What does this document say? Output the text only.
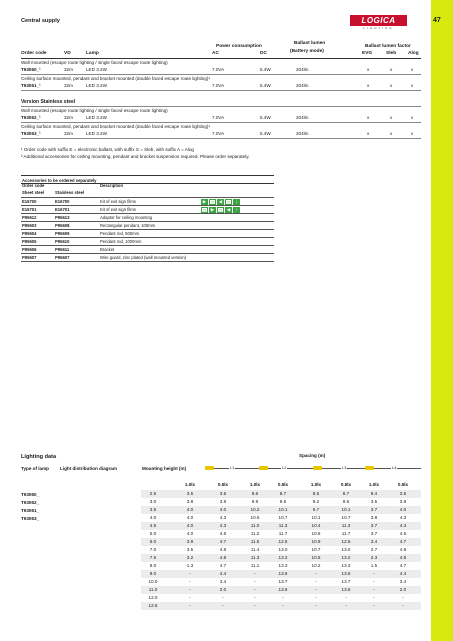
47
Central supply	LOGICA
LIGHTING
Power consumption
Ballast lumen
Ballast lumen factor
Order code	VD	Lamp	AC	DC	(Battery mode)	EVG	Sleb Alog
Wall mounted (escape route lighting / single faced escape route lighting)
T93060_¹	32m	LED 3.2W	7.0VA	5.4W	204lm	x	x	x
Ceiling surface mounted, pendant and bracket mounted (double faced escape route lighting)¹
T93061_¹	32m	LED 3.2W	7.0VA	5.4W	204lm	x	x	x
Version Stainless steel
Wall mounted (escape route lighting / single faced escape route lighting)
T93062_¹	32m	LED 3.2W	7.0VA	5.4W	204lm	x	x	x
Ceiling surface mounted, pendant and bracket mounted (double faced escape route lighting)¹
T93063_¹	32m	LED 3.2W	7.0VA	5.4W	204lm	x	x	x
¹ Order code with suffix E = electronic ballast, with suffix S = Sleb, with suffix A = Alog
² Additional accessories for ceiling mounting, pendant and bracket suspension required. Please order separately.
Accessories to be ordered separately
Order code	Description
Sheet steel	Stainless steel
E16700	E16700	Kit of exit sign films	▶	□	◀	□	↓
E16701	E16701	Kit of exit sign films	□	▶	□	◀	↑
P95612	P95613	Adaptor for ceiling mounting
P95603	P95608	Rectangular pendant, 100mm
P95604	P95609	Pendant rod, 500mm
P95605	P95610	Pendant rod, 1000mm
P95606	P95611	Bracket
P95607	P95607	Wire guard, zinc plated (wall mounted version)
Lighting data	Spacing (m)
Type of lamp Light distribution diagram	Mounting height (m)	L1	L2	L3	L4
1.0lx	0.5lx	1.0lx	0.5lx	1.0lx	0.5lx	1.0lx	0.5lx
2.5	3.5	3.5	8.6	8.7	8.5	8.7	9.4	3.5
3.0	3.8	3.9	9.9	9.5	9.2	9.5	3.5	3.9
3.5	4.0	4.0	10.2	10.1	9.7	10.1	3.7	4.0
4.0	4.0	4.3	10.6	10.7	10.1	10.7	3.8	4.3
4.5	4.0	4.3	11.0	11.3	10.4	11.3	3.7	4.3
5.0	4.0	4.5	11.2	11.7	10.6	11.7	3.7	4.5
6.0	3.9	4.7	11.5	12.5	10.9	12.5	3.4	4.7
7.0	3.5	4.8	11.4	13.0	10.7	13.0	2.7	4.8
7.5	3.2	4.8	11.3	13.2	10.5	13.2	2.3	4.8
8.0	1.3	4.7	11.1	13.3	10.2	13.3	1.5	4.7
9.0	-	4.4	-	13.6	-	13.6	-	4.4
10.0	-	3.4	-	13.7	-	13.7	-	3.4
11.0	-	2.0	-	13.6	-	13.6	-	2.0
12.0	-	-	-	-	-	-	-	-
12.5	-	-	-	-	-	-	-	-
T93060_
T93062_
T93061_
T93063_
